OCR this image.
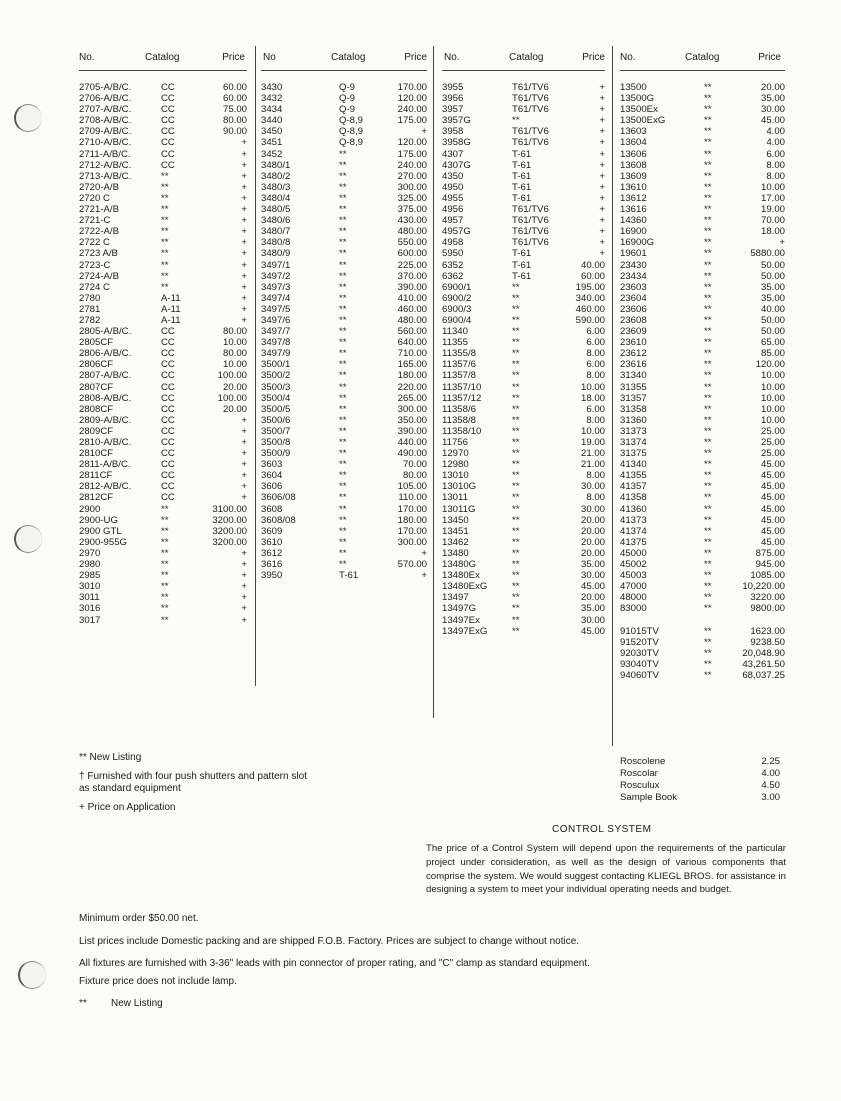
No.	Catalog	Price
2705-A/B/C.	CC	60.00
2706-A/B/C.	CC	60.00
2707-A/B/C.	CC	75.00
2708-A/B/C.	CC	80.00
2709-A/B/C.	CC	90.00
2710-A/B/C.	CC	+
2711-A/B/C.	CC	+
2712-A/B/C.	CC	+
2713-A/B/C.	**	+
2720-A/B	**	+
2720 C	**	+
2721-A/B	**	+
2721-C	**	+
2722-A/B	**	+
2722 C	**	+
2723 A/B	**	+
2723-C	**	+
2724-A/B	**	+
2724 C	**	+
2780	A-11	+
2781	A-11	+
2782	A-11	+
2805-A/B/C.	CC	80.00
2805CF	CC	10.00
2806-A/B/C.	CC	80.00
2806CF	CC	10.00
2807-A/B/C.	CC	100.00
2807CF	CC	20.00
2808-A/B/C.	CC	100.00
2808CF	CC	20.00
2809-A/B/C.	CC	+
2809CF	CC	+
2810-A/B/C.	CC	+
2810CF	CC	+
2811-A/B/C.	CC	+
2811CF	CC	+
2812-A/B/C.	CC	+
2812CF	CC	+
2900	**	3100.00
2900-UG	**	3200.00
2900 GTL	**	3200.00
2900-955G	**	3200.00
2970	**	+
2980	**	+
2985	**	+
3010	**	+
3011	**	+
3016	**	+
3017	**	+
No	Catalog	Price
3430	Q-9	170.00
3432	Q-9	120.00
3434	Q-9	240.00
3440	Q-8,9	175.00
3450	Q-8,9	+
3451	Q-8,9	120.00
3452	**	175.00
3480/1	**	240.00
3480/2	**	270.00
3480/3	**	300.00
3480/4	**	325.00
3480/5	**	375.00
3480/6	**	430.00
3480/7	**	480.00
3480/8	**	550.00
3480/9	**	600.00
3497/1	**	225.00
3497/2	**	370.00
3497/3	**	390.00
3497/4	**	410.00
3497/5	**	460.00
3497/6	**	480.00
3497/7	**	560.00
3497/8	**	640.00
3497/9	**	710.00
3500/1	**	165.00
3500/2	**	180.00
3500/3	**	220.00
3500/4	**	265.00
3500/5	**	300.00
3500/6	**	350.00
3500/7	**	390.00
3500/8	**	440.00
3500/9	**	490.00
3603	**	70.00
3604	**	80.00
3606	**	105.00
3606/08	**	110.00
3608	**	170.00
3608/08	**	180.00
3609	**	170.00
3610	**	300.00
3612	**	+
3616	**	570.00
3950	T-61	+
No.	Catalog	Price
3955	T61/TV6	+
3956	T61/TV6	+
3957	T61/TV6	+
3957G	**	+
3958	T61/TV6	+
3958G	T61/TV6	+
4307	T-61	+
4307G	T-61	+
4350	T-61	+
4950	T-61	+
4955	T-61	+
4956	T61/TV6	+
4957	T61/TV6	+
4957G	T61/TV6	+
4958	T61/TV6	+
5950	T-61	+
6352	T-61	40.00
6362	T-61	60.00
6900/1	**	195.00
6900/2	**	340.00
6900/3	**	460.00
6900/4	**	590.00
11340	**	6.00
11355	**	6.00
11355/8	**	8.00
11357/6	**	6.00
11357/8	**	8.00
11357/10	**	10.00
11357/12	**	18.00
11358/6	**	6.00
11358/8	**	8.00
11358/10	**	10.00
11756	**	19.00
12970	**	21.00
12980	**	21.00
13010	**	8.00
13010G	**	30.00
13011	**	8.00
13011G	**	30.00
13450	**	20.00
13451	**	20.00
13462	**	20.00
13480	**	20.00
13480G	**	35.00
13480Ex	**	30.00
13480ExG	**	45.00
13497	**	20.00
13497G	**	35.00
13497Ex	**	30.00
13497ExG	**	45.00
No.	Catalog	Price
13500	**	20.00
13500G	**	35.00
13500Ex	**	30.00
13500ExG	**	45.00
13603	**	4.00
13604	**	4.00
13606	**	6.00
13608	**	8.00
13609	**	8.00
13610	**	10.00
13612	**	17.00
13616	**	19.00
14360	**	70.00
16900	**	18.00
16900G	**	+
19601	**	5880.00
23430	**	50.00
23434	**	50.00
23603	**	35.00
23604	**	35.00
23606	**	40.00
23608	**	50.00
23609	**	50.00
23610	**	65.00
23612	**	85.00
23616	**	120.00
31340	**	10.00
31355	**	10.00
31357	**	10.00
31358	**	10.00
31360	**	10.00
31373	**	25.00
31374	**	25.00
31375	**	25.00
41340	**	45.00
41355	**	45.00
41357	**	45.00
41358	**	45.00
41360	**	45.00
41373	**	45.00
41374	**	45.00
41375	**	45.00
45000	**	875.00
45002	**	945.00
45003	**	1085.00
47000	**	10,220.00
48000	**	3220.00
83000	**	9800.00
91015TV	**	1623.00
91520TV	**	9238.50
92030TV	**	20,048.90
93040TV	**	43,261.50
94060TV	**	68,037.25
Roscolene	2.25
Roscolar	4.00
Rosculux	4.50
Sample Book	3.00
** New Listing
† Furnished with four push shutters and pattern slot as standard equipment
+ Price on Application
CONTROL SYSTEM
The price of a Control System will depend upon the requirements of the particular project under consideration, as well as the design of various components that comprise the system. We would suggest contacting KLIEGL BROS. for assistance in designing a system to meet your individual operating needs and budget.
Minimum order $50.00 net.
List prices include Domestic packing and are shipped F.O.B. Factory. Prices are subject to change without notice.
All fixtures are furnished with 3-36" leads with pin connector of proper rating, and "C" clamp as standard equipment.
Fixture price does not include lamp.
** New Listing
